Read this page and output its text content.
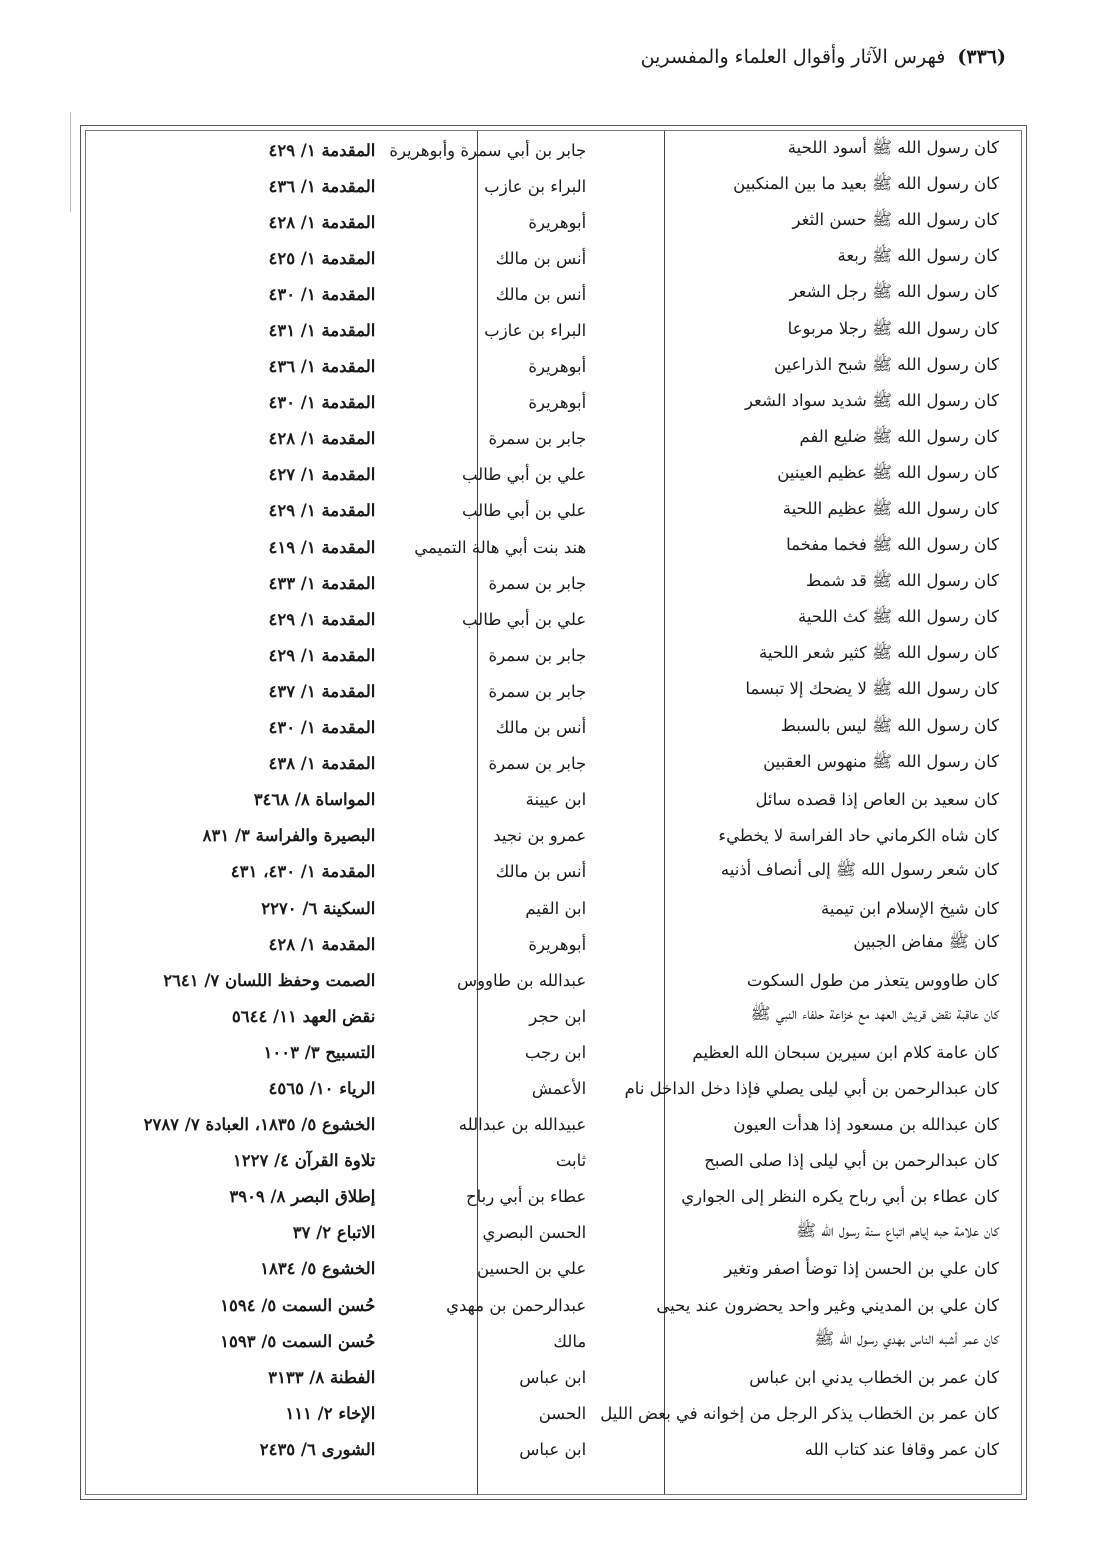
(٣٣٦) فهرس الآثار وأقوال العلماء والمفسرين
كان رسول الله ﷺ أسود اللحية	جابر بن أبي سمرة وأبوهريرة	المقدمة ١/ ٤٢٩
كان رسول الله ﷺ بعيد ما بين المنكبين	البراء بن عازب	المقدمة ١/ ٤٣٦
كان رسول الله ﷺ حسن الثغر	أبوهريرة	المقدمة ١/ ٤٢٨
كان رسول الله ﷺ ربعة	أنس بن مالك	المقدمة ١/ ٤٢٥
كان رسول الله ﷺ رجل الشعر	أنس بن مالك	المقدمة ١/ ٤٣٠
كان رسول الله ﷺ رجلا مربوعا	البراء بن عازب	المقدمة ١/ ٤٣١
كان رسول الله ﷺ شبح الذراعين	أبوهريرة	المقدمة ١/ ٤٣٦
كان رسول الله ﷺ شديد سواد الشعر	أبوهريرة	المقدمة ١/ ٤٣٠
كان رسول الله ﷺ ضليع الفم	جابر بن سمرة	المقدمة ١/ ٤٢٨
كان رسول الله ﷺ عظيم العينين	علي بن أبي طالب	المقدمة ١/ ٤٢٧
كان رسول الله ﷺ عظيم اللحية	علي بن أبي طالب	المقدمة ١/ ٤٢٩
كان رسول الله ﷺ فخما مفخما	هند بنت أبي هالة التميمي	المقدمة ١/ ٤١٩
كان رسول الله ﷺ قد شمط	جابر بن سمرة	المقدمة ١/ ٤٣٣
كان رسول الله ﷺ كث اللحية	علي بن أبي طالب	المقدمة ١/ ٤٢٩
كان رسول الله ﷺ كثير شعر اللحية	جابر بن سمرة	المقدمة ١/ ٤٢٩
كان رسول الله ﷺ لا يضحك إلا تبسما	جابر بن سمرة	المقدمة ١/ ٤٣٧
كان رسول الله ﷺ ليس بالسبط	أنس بن مالك	المقدمة ١/ ٤٣٠
كان رسول الله ﷺ منهوس العقبين	جابر بن سمرة	المقدمة ١/ ٤٣٨
كان سعيد بن العاص إذا قصده سائل	ابن عيينة	المواساة ٨/ ٣٤٦٨
كان شاه الكرماني حاد الفراسة لا يخطيء	عمرو بن نجيد	البصيرة والفراسة ٣/ ٨٣١
كان شعر رسول الله ﷺ إلى أنصاف أذنيه	أنس بن مالك	المقدمة ١/ ٤٣٠، ٤٣١
كان شيخ الإسلام ابن تيمية	ابن القيم	السكينة ٦/ ٢٢٧٠
كان ﷺ مفاض الجبين	أبوهريرة	المقدمة ١/ ٤٢٨
كان طاووس يتعذر من طول السكوت	عبدالله بن طاووس	الصمت وحفظ اللسان ٧/ ٢٦٤١
كان عاقبة نقض قريش العهد مع خزاعة حلفاء النبي ﷺ	ابن حجر	نقض العهد ١١/ ٥٦٤٤
كان عامة كلام ابن سيرين سبحان الله العظيم	ابن رجب	التسبيح ٣/ ١٠٠٣
كان عبدالرحمن بن أبي ليلى يصلي فإذا دخل الداخل نام	الأعمش	الرياء ١٠/ ٤٥٦٥
كان عبدالله بن مسعود إذا هدأت العيون	عبيدالله بن عبدالله	الخشوع ٥/ ١٨٣٥، العبادة ٧/ ٢٧٨٧
كان عبدالرحمن بن أبي ليلى إذا صلى الصبح	ثابت	تلاوة القرآن ٤/ ١٢٢٧
كان عطاء بن أبي رباح يكره النظر إلى الجواري	عطاء بن أبي رباح	إطلاق البصر ٨/ ٣٩٠٩
كان علامة حبه إياهم اتباع سنة رسول الله ﷺ	الحسن البصري	الاتباع ٢/ ٣٧
كان علي بن الحسن إذا توضأ اصفر وتغير	علي بن الحسين	الخشوع ٥/ ١٨٣٤
كان علي بن المديني وغير واحد يحضرون عند يحيى	عبدالرحمن بن مهدي	حُسن السمت ٥/ ١٥٩٤
كان عمر أشبه الناس بهدي رسول الله ﷺ	مالك	حُسن السمت ٥/ ١٥٩٣
كان عمر بن الخطاب يدني ابن عباس	ابن عباس	الفطنة ٨/ ٣١٣٣
كان عمر بن الخطاب يذكر الرجل من إخوانه في بعض الليل	الحسن	الإخاء ٢/ ١١١
كان عمر وقافا عند كتاب الله	ابن عباس	الشورى ٦/ ٢٤٣٥
